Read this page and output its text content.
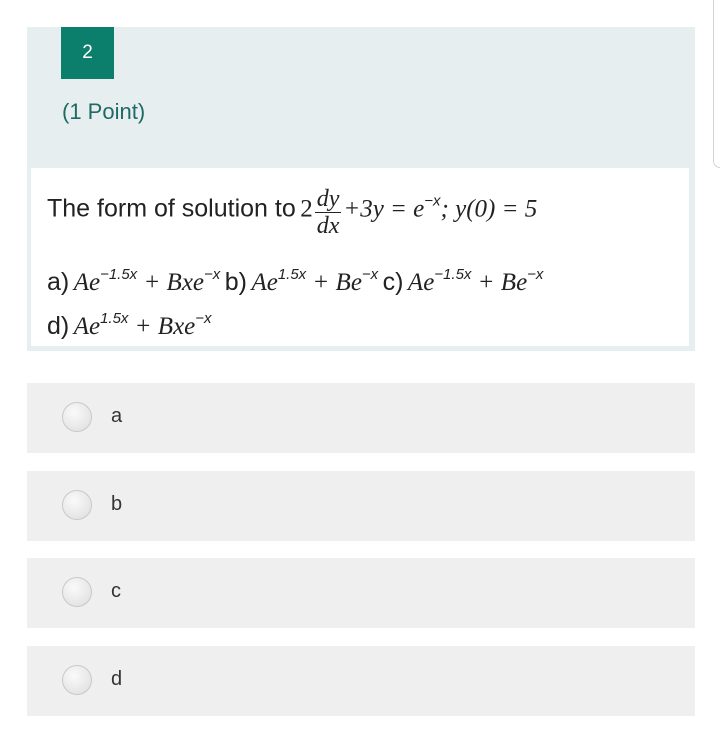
2
(1 Point)
The form of solution to $2 \frac{dy}{dx} +3y = e^{-x}$; y(0) = 5
a) $Ae^{-1.5x} + Bxe^{-x}$ b) $Ae^{1.5x} + Be^{-x}$ c) $Ae^{-1.5x} + Be^{-x}$
d) $Ae^{1.5x} + Bxe^{-x}$
a
b
c
d
